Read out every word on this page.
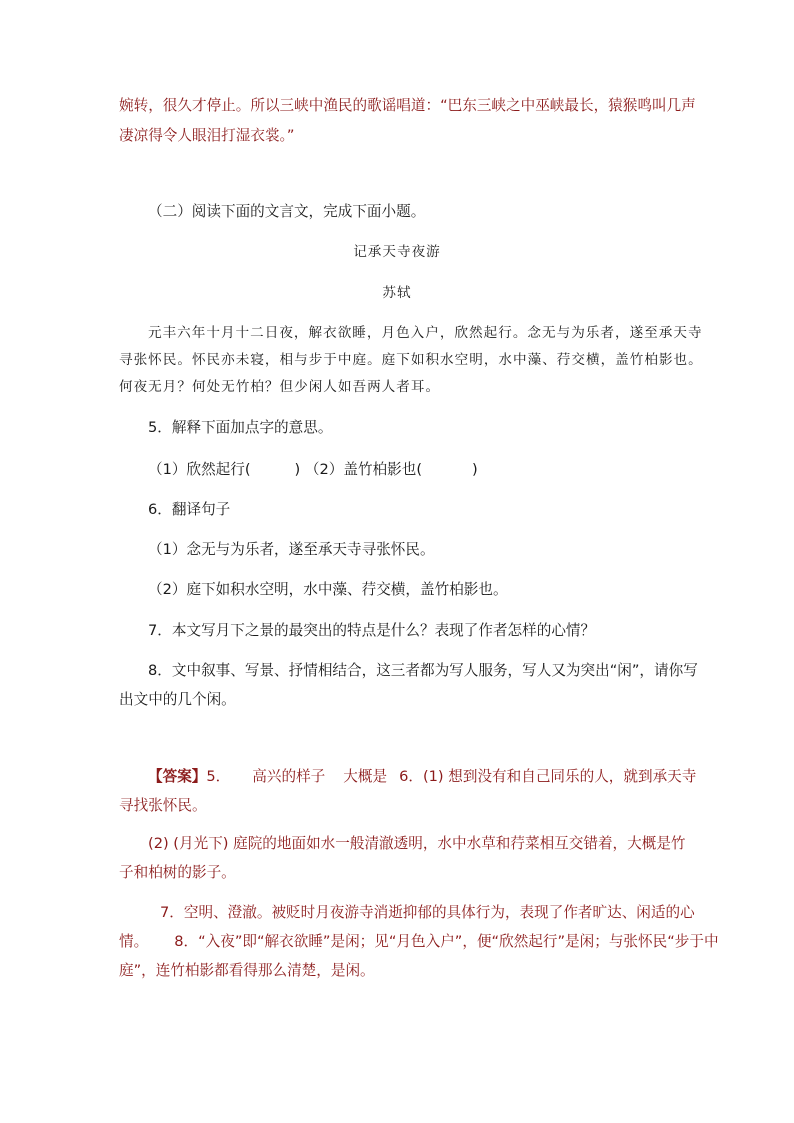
婉转，很久才停止。所以三峡中渔民的歌谣唱道：“巴东三峡之中巫峡最长，猿猴鸣叫几声
凄凉得令人眼泪打湿衣裳。”
（二）阅读下面的文言文，完成下面小题。
记承天寺夜游
苏轼
元丰六年十月十二日夜，解衣欲睡，月色入户，欣然起行。念无与为乐者，遂至承天寺
寻张怀民。怀民亦未寝，相与步于中庭。庭下如积水空明，水中藻、荇交横，盖竹柏影也。
何夜无月？何处无竹柏？但少闲人如吾两人者耳。
5．解释下面加点字的意思。
（1）欣然起行(	) （2）盖竹柏影也(	)
6．翻译句子
（1）念无与为乐者，遂至承天寺寻张怀民。
（2）庭下如积水空明，水中藻、荇交横，盖竹柏影也。
7．本文写月下之景的最突出的特点是什么？表现了作者怎样的心情？
8．文中叙事、写景、抒情相结合，这三者都为写人服务，写人又为突出“闲”，请你写
出文中的几个闲。
【答案】5． 高兴的样子 大概是 6．(1) 想到没有和自己同乐的人，就到承天寺
寻找张怀民。
(2) (月光下) 庭院的地面如水一般清澈透明，水中水草和荇菜相互交错着，大概是竹
子和柏树的影子。
7．空明、澄澈。被贬时月夜游寺消逝抑郁的具体行为，表现了作者旷达、闲适的心
情。 8．“入夜”即“解衣欲睡”是闲；见“月色入户”，便“欣然起行”是闲；与张怀民“步于中
庭”，连竹柏影都看得那么清楚，是闲。
